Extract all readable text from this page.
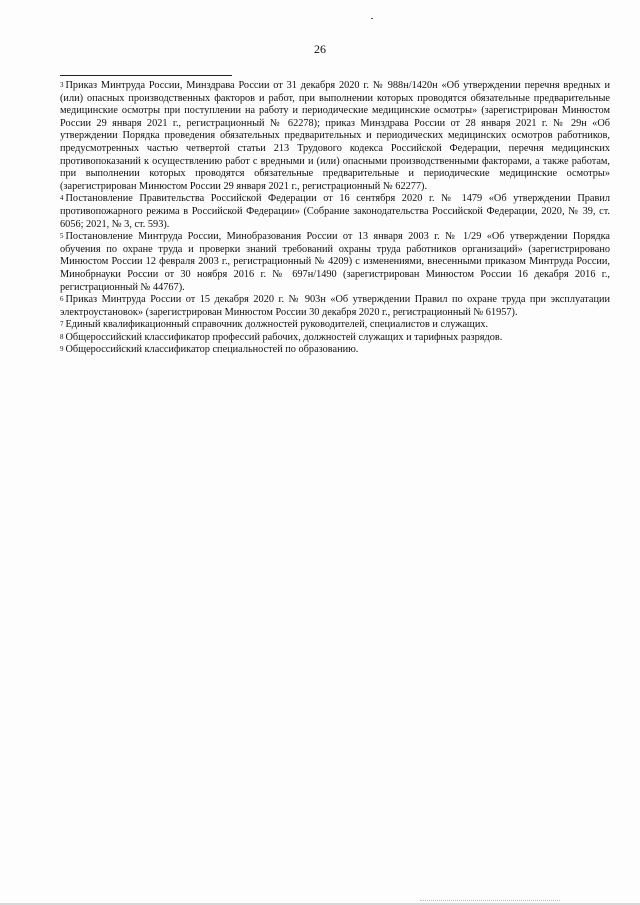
26

$^3$ Приказ Минтруда России, Минздрава России от 31 декабря 2020 г. № 988н/1420н «Об утверждении перечня вредных и (или) опасных производственных факторов и работ, при выполнении которых проводятся обязательные предварительные медицинские осмотры при поступлении на работу и периодические медицинские осмотры» (зарегистрирован Минюстом России 29 января 2021 г., регистрационный № 62278); приказ Минздрава России от 28 января 2021 г. № 29н «Об утверждении Порядка проведения обязательных предварительных и периодических медицинских осмотров работников, предусмотренных частью четвертой статьи 213 Трудового кодекса Российской Федерации, перечня медицинских противопоказаний к осуществлению работ с вредными и (или) опасными производственными факторами, а также работам, при выполнении которых проводятся обязательные предварительные и периодические медицинские осмотры» (зарегистрирован Минюстом России 29 января 2021 г., регистрационный № 62277).

$^4$ Постановление Правительства Российской Федерации от 16 сентября 2020 г. № 1479 «Об утверждении Правил противопожарного режима в Российской Федерации» (Собрание законодательства Российской Федерации, 2020, № 39, ст. 6056; 2021, № 3, ст. 593).

$^5$ Постановление Минтруда России, Минобразования России от 13 января 2003 г. № 1/29 «Об утверждении Порядка обучения по охране труда и проверки знаний требований охраны труда работников организаций» (зарегистрировано Минюстом России 12 февраля 2003 г., регистрационный № 4209) с изменениями, внесенными приказом Минтруда России, Минобрнауки России от 30 ноября 2016 г. № 697н/1490 (зарегистрирован Минюстом России 16 декабря 2016 г., регистрационный № 44767).

$^6$ Приказ Минтруда России от 15 декабря 2020 г. № 903н «Об утверждении Правил по охране труда при эксплуатации электроустановок» (зарегистрирован Минюстом России 30 декабря 2020 г., регистрационный № 61957).

$^7$ Единый квалификационный справочник должностей руководителей, специалистов и служащих.

$^8$ Общероссийский классификатор профессий рабочих, должностей служащих и тарифных разрядов.

$^9$ Общероссийский классификатор специальностей по образованию.
